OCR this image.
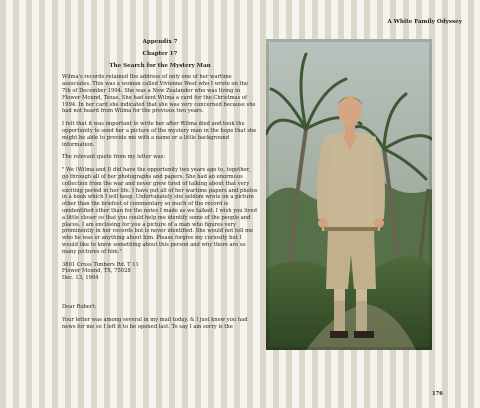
A White Family Odyssey
Appendix 7
Chapter 17
The Search for the Mystery Man

Wilma's records retained the address of only one of her wartime associates. This was a woman called Vivienne West who I wrote on the 7th of December 1994. She was a New Zealander who was living in Flower Mound, Texas. She had sent Wilma a card for the Christmas of 1994. In her card she indicated that she was very concerned because she had not heard from Wilma for the previous two years.

I felt that it was important to write her after Wilma died and took the opportunity to send her a picture of the mystery man in the hope that she might be able to provide me with a name or a little background information.

The relevant quote from my letter was:

" We (Wilma and I) did have the opportunity two years ago to, together, go through all of her photographs and papers. She had an enormous collection from the war and never grew tired of talking about that very exciting period in her life. I have put all of her wartime papers and photos in a book which I will keep. Unfortunately she seldom wrote on a picture other than the briefest of commentary so much of the record is unidentified other than for the notes I made as we talked. I wish you lived a little closer so that you could help me identify some of the people and places. I am enclosing for you a picture of a man who figures very prominently in her records but is never identified. She would not tell me who he was or anything about him. Please forgive my curiosity but I would like to know something about this person and why there are so many pictures of him."

3801 Cross Timbers Rd. T 11
Flower Mound, TX, 75028
Dec. 13, 1994

Dear Robert:

Your letter was among several in my mail today. & I just knew you had news for me so I left it to be opened last. To say I am sorry is the

176
